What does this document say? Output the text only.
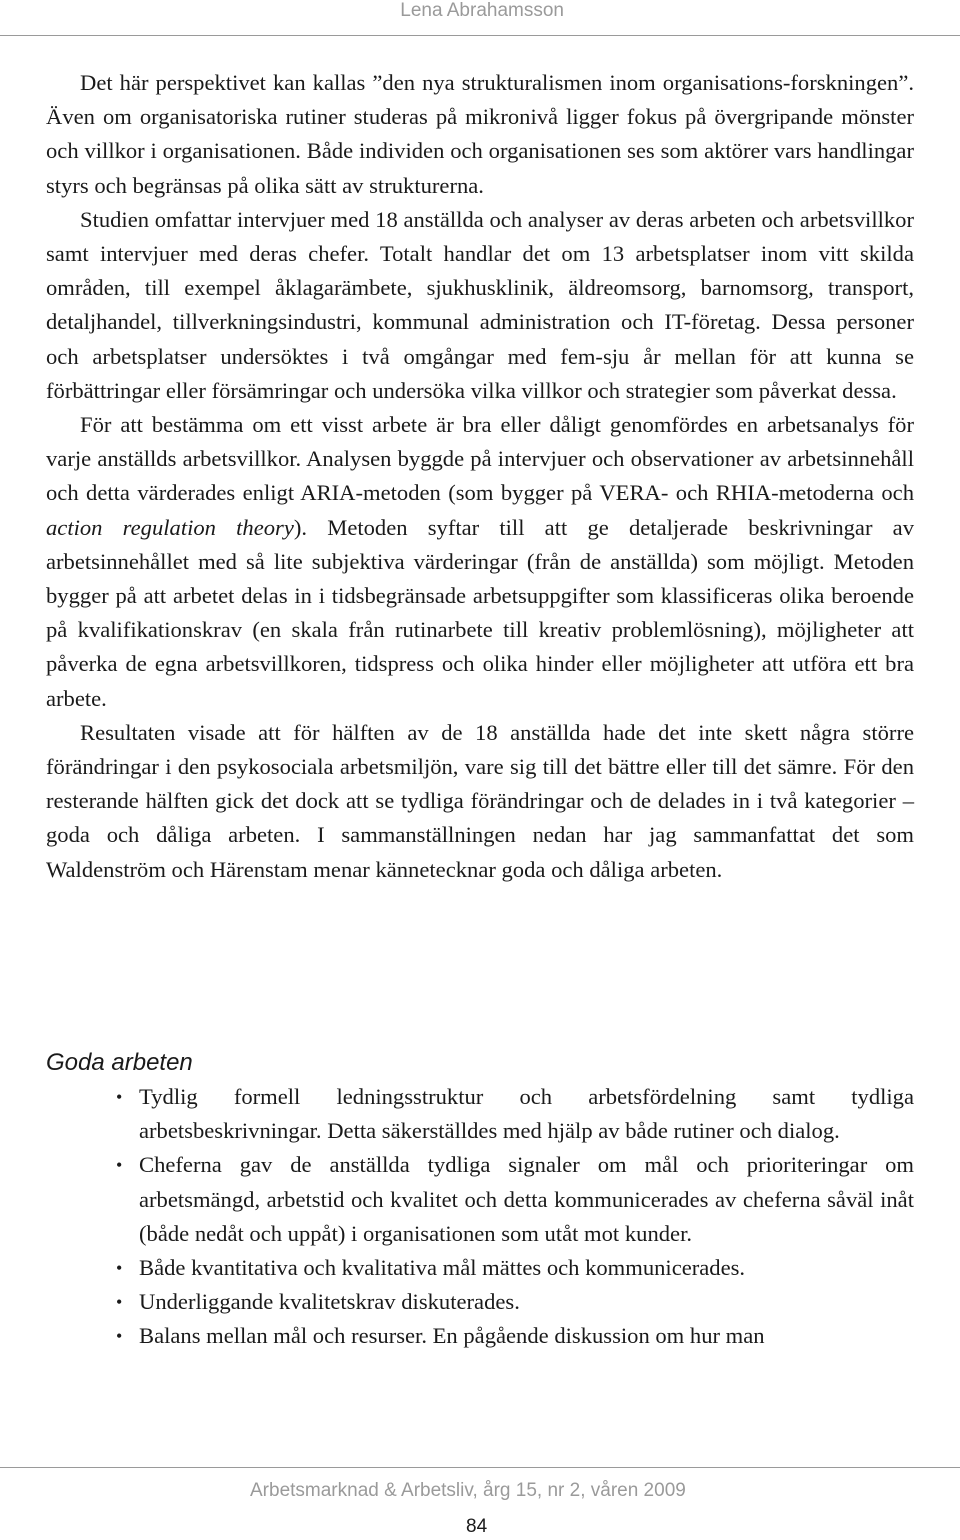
Lena Abrahamsson

Det här perspektivet kan kallas ”den nya strukturalismen inom organisations-forskningen”. Även om organisatoriska rutiner studeras på mikronivå ligger fokus på övergripande mönster och villkor i organisationen. Både individen och organisationen ses som aktörer vars handlingar styrs och begränsas på olika sätt av strukturerna.

Studien omfattar intervjuer med 18 anställda och analyser av deras arbeten och arbetsvillkor samt intervjuer med deras chefer. Totalt handlar det om 13 arbetsplatser inom vitt skilda områden, till exempel åklagarämbete, sjukhusklinik, äldreomsorg, barnomsorg, transport, detaljhandel, tillverkningsindustri, kommunal administration och IT-företag. Dessa personer och arbetsplatser undersöktes i två omgångar med fem-sju år mellan för att kunna se förbättringar eller försämringar och undersöka vilka villkor och strategier som påverkat dessa.

För att bestämma om ett visst arbete är bra eller dåligt genomfördes en arbetsanalys för varje anställds arbetsvillkor. Analysen byggde på intervjuer och observationer av arbetsinnehåll och detta värderades enligt ARIA-metoden (som bygger på VERA- och RHIA-metoderna och action regulation theory). Metoden syftar till att ge detaljerade beskrivningar av arbetsinnehållet med så lite subjektiva värderingar (från de anställda) som möjligt. Metoden bygger på att arbetet delas in i tidsbegränsade arbetsuppgifter som klassificeras olika beroende på kvalifikationskrav (en skala från rutinarbete till kreativ problemlösning), möjligheter att påverka de egna arbetsvillkoren, tidspress och olika hinder eller möjligheter att utföra ett bra arbete.

Resultaten visade att för hälften av de 18 anställda hade det inte skett några större förändringar i den psykosociala arbetsmiljön, vare sig till det bättre eller till det sämre. För den resterande hälften gick det dock att se tydliga förändringar och de delades in i två kategorier – goda och dåliga arbeten. I sammanställningen nedan har jag sammanfattat det som Waldenström och Härenstam menar kännetecknar goda och dåliga arbeten.

Goda arbeten
• Tydlig formell ledningsstruktur och arbetsfördelning samt tydliga arbetsbeskrivningar. Detta säkerställdes med hjälp av både rutiner och dialog.
• Cheferna gav de anställda tydliga signaler om mål och prioriteringar om arbetsmängd, arbetstid och kvalitet och detta kommunicerades av cheferna såväl inåt (både nedåt och uppåt) i organisationen som utåt mot kunder.
• Både kvantitativa och kvalitativa mål mättes och kommunicerades.
• Underliggande kvalitetskrav diskuterades.
• Balans mellan mål och resurser. En pågående diskussion om hur man
Arbetsmarknad & Arbetsliv, årg 15, nr 2, våren 2009
84
